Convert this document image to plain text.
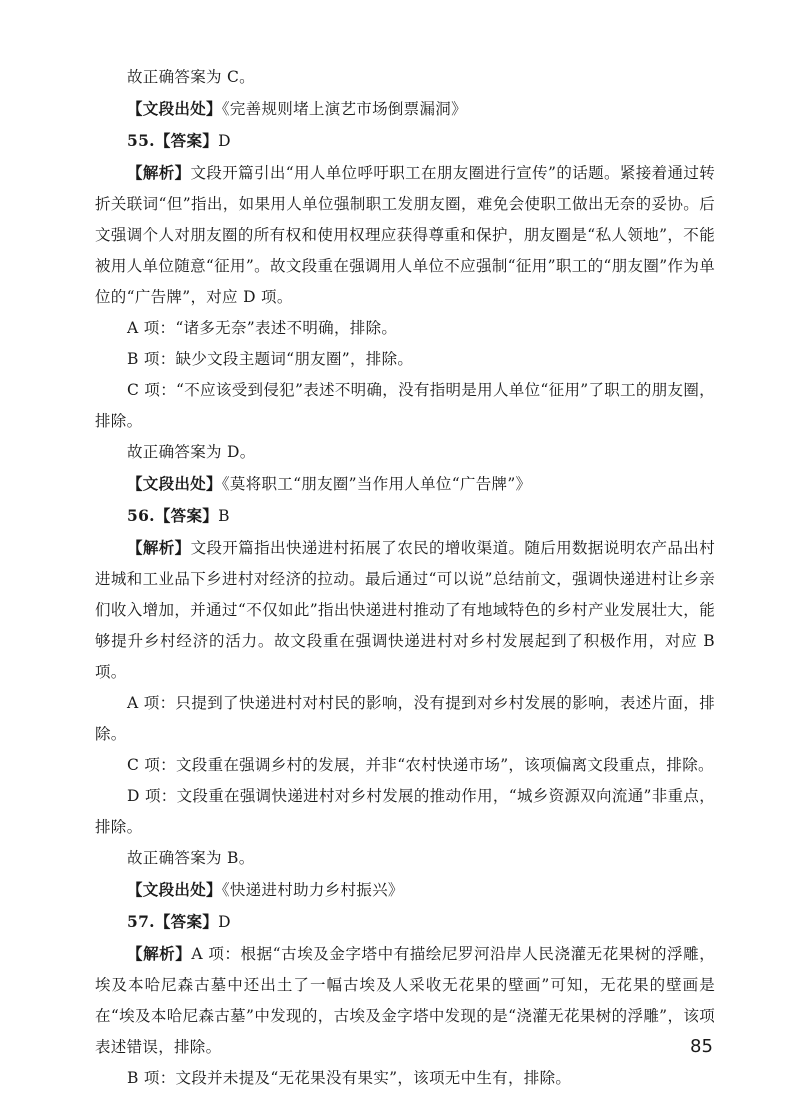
故正确答案为 C。
【文段出处】《完善规则堵上演艺市场倒票漏洞》
55.【答案】D
【解析】文段开篇引出“用人单位呼吁职工在朋友圈进行宣传”的话题。紧接着通过转折关联词“但”指出，如果用人单位强制职工发朋友圈，难免会使职工做出无奈的妥协。后文强调个人对朋友圈的所有权和使用权理应获得尊重和保护，朋友圈是“私人领地”，不能被用人单位随意“征用”。故文段重在强调用人单位不应强制“征用”职工的“朋友圈”作为单位的“广告牌”，对应 D 项。
A 项：“诸多无奈”表述不明确，排除。
B 项：缺少文段主题词“朋友圈”，排除。
C 项：“不应该受到侵犯”表述不明确，没有指明是用人单位“征用”了职工的朋友圈，排除。
故正确答案为 D。
【文段出处】《莫将职工“朋友圈”当作用人单位“广告牌”》
56.【答案】B
【解析】文段开篇指出快递进村拓展了农民的增收渠道。随后用数据说明农产品出村进城和工业品下乡进村对经济的拉动。最后通过“可以说”总结前文，强调快递进村让乡亲们收入增加，并通过“不仅如此”指出快递进村推动了有地域特色的乡村产业发展壮大，能够提升乡村经济的活力。故文段重在强调快递进村对乡村发展起到了积极作用，对应 B 项。
A 项：只提到了快递进村对村民的影响，没有提到对乡村发展的影响，表述片面，排除。
C 项：文段重在强调乡村的发展，并非“农村快递市场”，该项偏离文段重点，排除。
D 项：文段重在强调快递进村对乡村发展的推动作用，“城乡资源双向流通”非重点，排除。
故正确答案为 B。
【文段出处】《快递进村助力乡村振兴》
57.【答案】D
【解析】A 项：根据“古埃及金字塔中有描绘尼罗河沿岸人民浇灌无花果树的浮雕，埃及本哈尼森古墓中还出土了一幅古埃及人采收无花果的壁画”可知，无花果的壁画是在“埃及本哈尼森古墓”中发现的，古埃及金字塔中发现的是“浇灌无花果树的浮雕”，该项表述错误，排除。
B 项：文段并未提及“无花果没有果实”，该项无中生有，排除。
85
